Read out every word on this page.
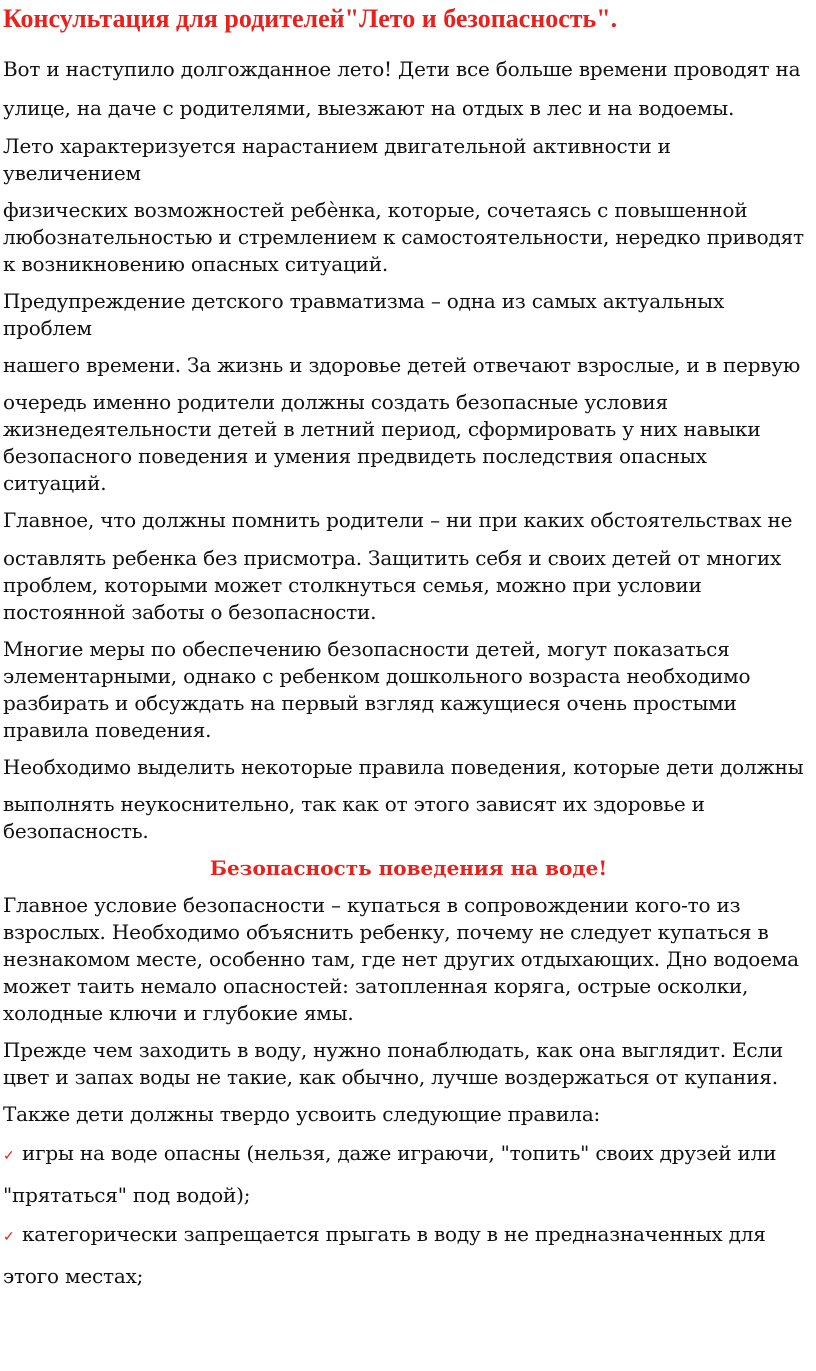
Консультация для родителей"Лето и безопасность".

Вот и наступило долгожданное лето! Дети все больше времени проводят на

улице, на даче с родителями, выезжают на отдых в лес и на водоемы.

Лето характеризуется нарастанием двигательной активности и увеличением

физических возможностей ребѐнка, которые, сочетаясь с повышенной любознательностью и стремлением к самостоятельности, нередко приводят к возникновению опасных ситуаций.

Предупреждение детского травматизма – одна из самых актуальных проблем

нашего времени. За жизнь и здоровье детей отвечают взрослые, и в первую

очередь именно родители должны создать безопасные условия жизнедеятельности детей в летний период, сформировать у них навыки безопасного поведения и умения предвидеть последствия опасных ситуаций.

Главное, что должны помнить родители – ни при каких обстоятельствах не

оставлять ребенка без присмотра. Защитить себя и своих детей от многих проблем, которыми может столкнуться семья, можно при условии постоянной заботы о безопасности.

Многие меры по обеспечению безопасности детей, могут показаться элементарными, однако с ребенком дошкольного возраста необходимо разбирать и обсуждать на первый взгляд кажущиеся очень простыми правила поведения.

Необходимо выделить некоторые правила поведения, которые дети должны

выполнять неукоснительно, так как от этого зависят их здоровье и безопасность.

Безопасность поведения на воде!

Главное условие безопасности – купаться в сопровождении кого-то из взрослых. Необходимо объяснить ребенку, почему не следует купаться в незнакомом месте, особенно там, где нет других отдыхающих. Дно водоема может таить немало опасностей: затопленная коряга, острые осколки, холодные ключи и глубокие ямы.

Прежде чем заходить в воду, нужно понаблюдать, как она выглядит. Если цвет и запах воды не такие, как обычно, лучше воздержаться от купания.

Также дети должны твердо усвоить следующие правила:

✓ игры на воде опасны (нельзя, даже играючи, "топить" своих друзей или

"прятаться" под водой);

✓ категорически запрещается прыгать в воду в не предназначенных для

этого местах;
